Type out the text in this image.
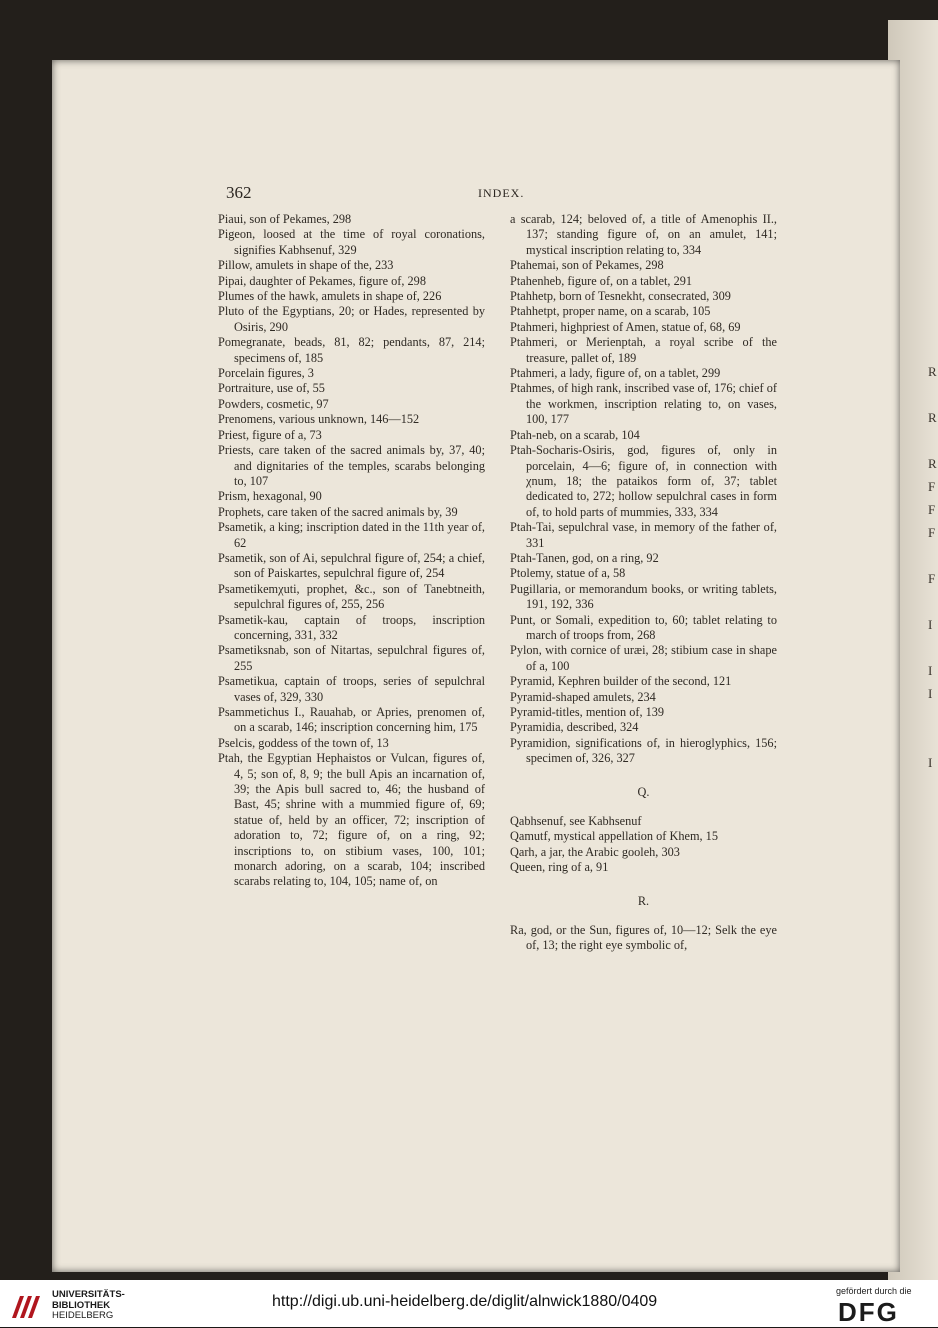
R
R
R
F
F
F
F
I
I
I
I
362	INDEX.

Piaui, son of Pekames, 298

Pigeon, loosed at the time of royal coronations, signifies Kabhsenuf, 329

Pillow, amulets in shape of the, 233

Pipai, daughter of Pekames, figure of, 298

Plumes of the hawk, amulets in shape of, 226

Pluto of the Egyptians, 20; or Hades, represented by Osiris, 290

Pomegranate, beads, 81, 82; pendants, 87, 214; specimens of, 185

Porcelain figures, 3

Portraiture, use of, 55

Powders, cosmetic, 97

Prenomens, various unknown, 146—152

Priest, figure of a, 73

Priests, care taken of the sacred animals by, 37, 40; and dignitaries of the temples, scarabs belonging to, 107

Prism, hexagonal, 90

Prophets, care taken of the sacred animals by, 39

Psametik, a king; inscription dated in the 11th year of, 62

Psametik, son of Ai, sepulchral figure of, 254; a chief, son of Paiskartes, sepulchral figure of, 254

Psametikemχuti, prophet, &c., son of Tanebtneith, sepulchral figures of, 255, 256

Psametik-kau, captain of troops, inscription concerning, 331, 332

Psametiksnab, son of Nitartas, sepulchral figures of, 255

Psametikua, captain of troops, series of sepulchral vases of, 329, 330

Psammetichus I., Rauahab, or Apries, prenomen of, on a scarab, 146; inscription concerning him, 175

Pselcis, goddess of the town of, 13

Ptah, the Egyptian Hephaistos or Vulcan, figures of, 4, 5; son of, 8, 9; the bull Apis an incarnation of, 39; the Apis bull sacred to, 46; the husband of Bast, 45; shrine with a mummied figure of, 69; statue of, held by an officer, 72; inscription of adoration to, 72; figure of, on a ring, 92; inscriptions to, on stibium vases, 100, 101; monarch adoring, on a scarab, 104; inscribed scarabs relating to, 104, 105; name of, on

a scarab, 124; beloved of, a title of Amenophis II., 137; standing figure of, on an amulet, 141; mystical inscription relating to, 334

Ptahemai, son of Pekames, 298

Ptahenheb, figure of, on a tablet, 291

Ptahhetp, born of Tesnekht, consecrated, 309

Ptahhetpt, proper name, on a scarab, 105

Ptahmeri, highpriest of Amen, statue of, 68, 69

Ptahmeri, or Merienptah, a royal scribe of the treasure, pallet of, 189

Ptahmeri, a lady, figure of, on a tablet, 299

Ptahmes, of high rank, inscribed vase of, 176; chief of the workmen, inscription relating to, on vases, 100, 177

Ptah-neb, on a scarab, 104

Ptah-Socharis-Osiris, god, figures of, only in porcelain, 4—6; figure of, in connection with χnum, 18; the pataikos form of, 37; tablet dedicated to, 272; hollow sepulchral cases in form of, to hold parts of mummies, 333, 334

Ptah-Tai, sepulchral vase, in memory of the father of, 331

Ptah-Tanen, god, on a ring, 92

Ptolemy, statue of a, 58

Pugillaria, or memorandum books, or writing tablets, 191, 192, 336

Punt, or Somali, expedition to, 60; tablet relating to march of troops from, 268

Pylon, with cornice of uræi, 28; stibium case in shape of a, 100

Pyramid, Kephren builder of the second, 121

Pyramid-shaped amulets, 234

Pyramid-titles, mention of, 139

Pyramidia, described, 324

Pyramidion, significations of, in hieroglyphics, 156; specimen of, 326, 327

Q.

Qabhsenuf, see Kabhsenuf

Qamutf, mystical appellation of Khem, 15

Qarh, a jar, the Arabic gooleh, 303

Queen, ring of a, 91

R.

Ra, god, or the Sun, figures of, 10—12; Selk the eye of, 13; the right eye symbolic of,

UNIVERSITÄTS-
BIBLIOTHEK
HEIDELBERG
http://digi.ub.uni-heidelberg.de/diglit/alnwick1880/0409
gefördert durch die
DFG
